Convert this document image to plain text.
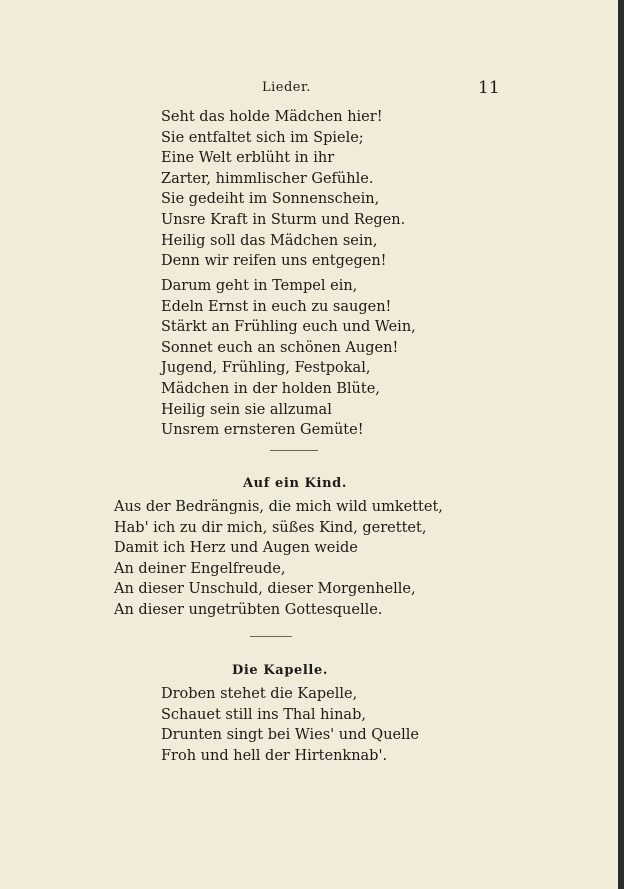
Lieder.	11
Seht das holde Mädchen hier!
Sie entfaltet sich im Spiele;
Eine Welt erblüht in ihr
Zarter, himmlischer Gefühle.
Sie gedeiht im Sonnenschein,
Unsre Kraft in Sturm und Regen.
Heilig soll das Mädchen sein,
Denn wir reifen uns entgegen!
Darum geht in Tempel ein,
Edeln Ernst in euch zu saugen!
Stärkt an Frühling euch und Wein,
Sonnet euch an schönen Augen!
Jugend, Frühling, Festpokal,
Mädchen in der holden Blüte,
Heilig sein sie allzumal
Unsrem ernsteren Gemüte!
Auf ein Kind.
Aus der Bedrängnis, die mich wild umkettet,
Hab' ich zu dir mich, süßes Kind, gerettet,
Damit ich Herz und Augen weide
An deiner Engelfreude,
An dieser Unschuld, dieser Morgenhelle,
An dieser ungetrübten Gottesquelle.
Die Kapelle.
Droben stehet die Kapelle,
Schauet still ins Thal hinab,
Drunten singt bei Wies' und Quelle
Froh und hell der Hirtenknab'.
